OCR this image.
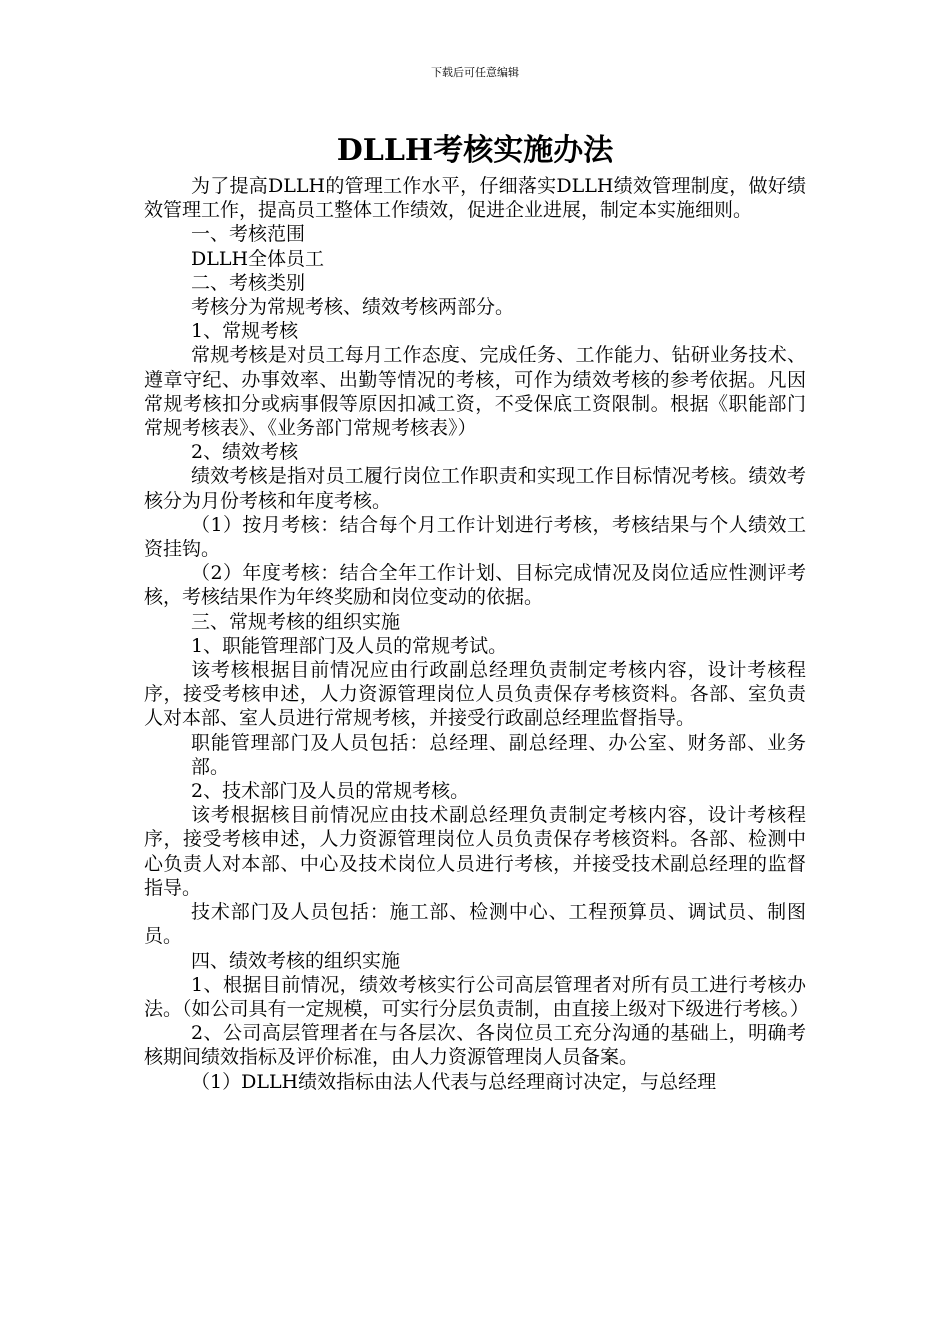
下载后可任意编辑
DLLH考核实施办法

为了提高DLLH的管理工作水平，仔细落实DLLH绩效管理制度，做好绩效管理工作，提高员工整体工作绩效，促进企业进展，制定本实施细则。

一、考核范围

DLLH全体员工

二、考核类别

考核分为常规考核、绩效考核两部分。

1、常规考核

常规考核是对员工每月工作态度、完成任务、工作能力、钻研业务技术、遵章守纪、办事效率、出勤等情况的考核，可作为绩效考核的参考依据。凡因常规考核扣分或病事假等原因扣减工资，不受保底工资限制。根据《职能部门常规考核表》、《业务部门常规考核表》）

2、绩效考核

绩效考核是指对员工履行岗位工作职责和实现工作目标情况考核。绩效考核分为月份考核和年度考核。

（1）按月考核：结合每个月工作计划进行考核，考核结果与个人绩效工资挂钩。

（2）年度考核：结合全年工作计划、目标完成情况及岗位适应性测评考核，考核结果作为年终奖励和岗位变动的依据。

三、常规考核的组织实施

1、职能管理部门及人员的常规考试。

该考核根据目前情况应由行政副总经理负责制定考核内容，设计考核程序，接受考核申述，人力资源管理岗位人员负责保存考核资料。各部、室负责人对本部、室人员进行常规考核，并接受行政副总经理监督指导。

职能管理部门及人员包括：总经理、副总经理、办公室、财务部、业务部。

2、技术部门及人员的常规考核。

该考根据核目前情况应由技术副总经理负责制定考核内容，设计考核程序，接受考核申述，人力资源管理岗位人员负责保存考核资料。各部、检测中心负责人对本部、中心及技术岗位人员进行考核，并接受技术副总经理的监督指导。

技术部门及人员包括：施工部、检测中心、工程预算员、调试员、制图员。

四、绩效考核的组织实施

1、根据目前情况，绩效考核实行公司高层管理者对所有员工进行考核办法。（如公司具有一定规模，可实行分层负责制，由直接上级对下级进行考核。）

2、公司高层管理者在与各层次、各岗位员工充分沟通的基础上，明确考核期间绩效指标及评价标准，由人力资源管理岗人员备案。

（1）DLLH绩效指标由法人代表与总经理商讨决定，与总经理
